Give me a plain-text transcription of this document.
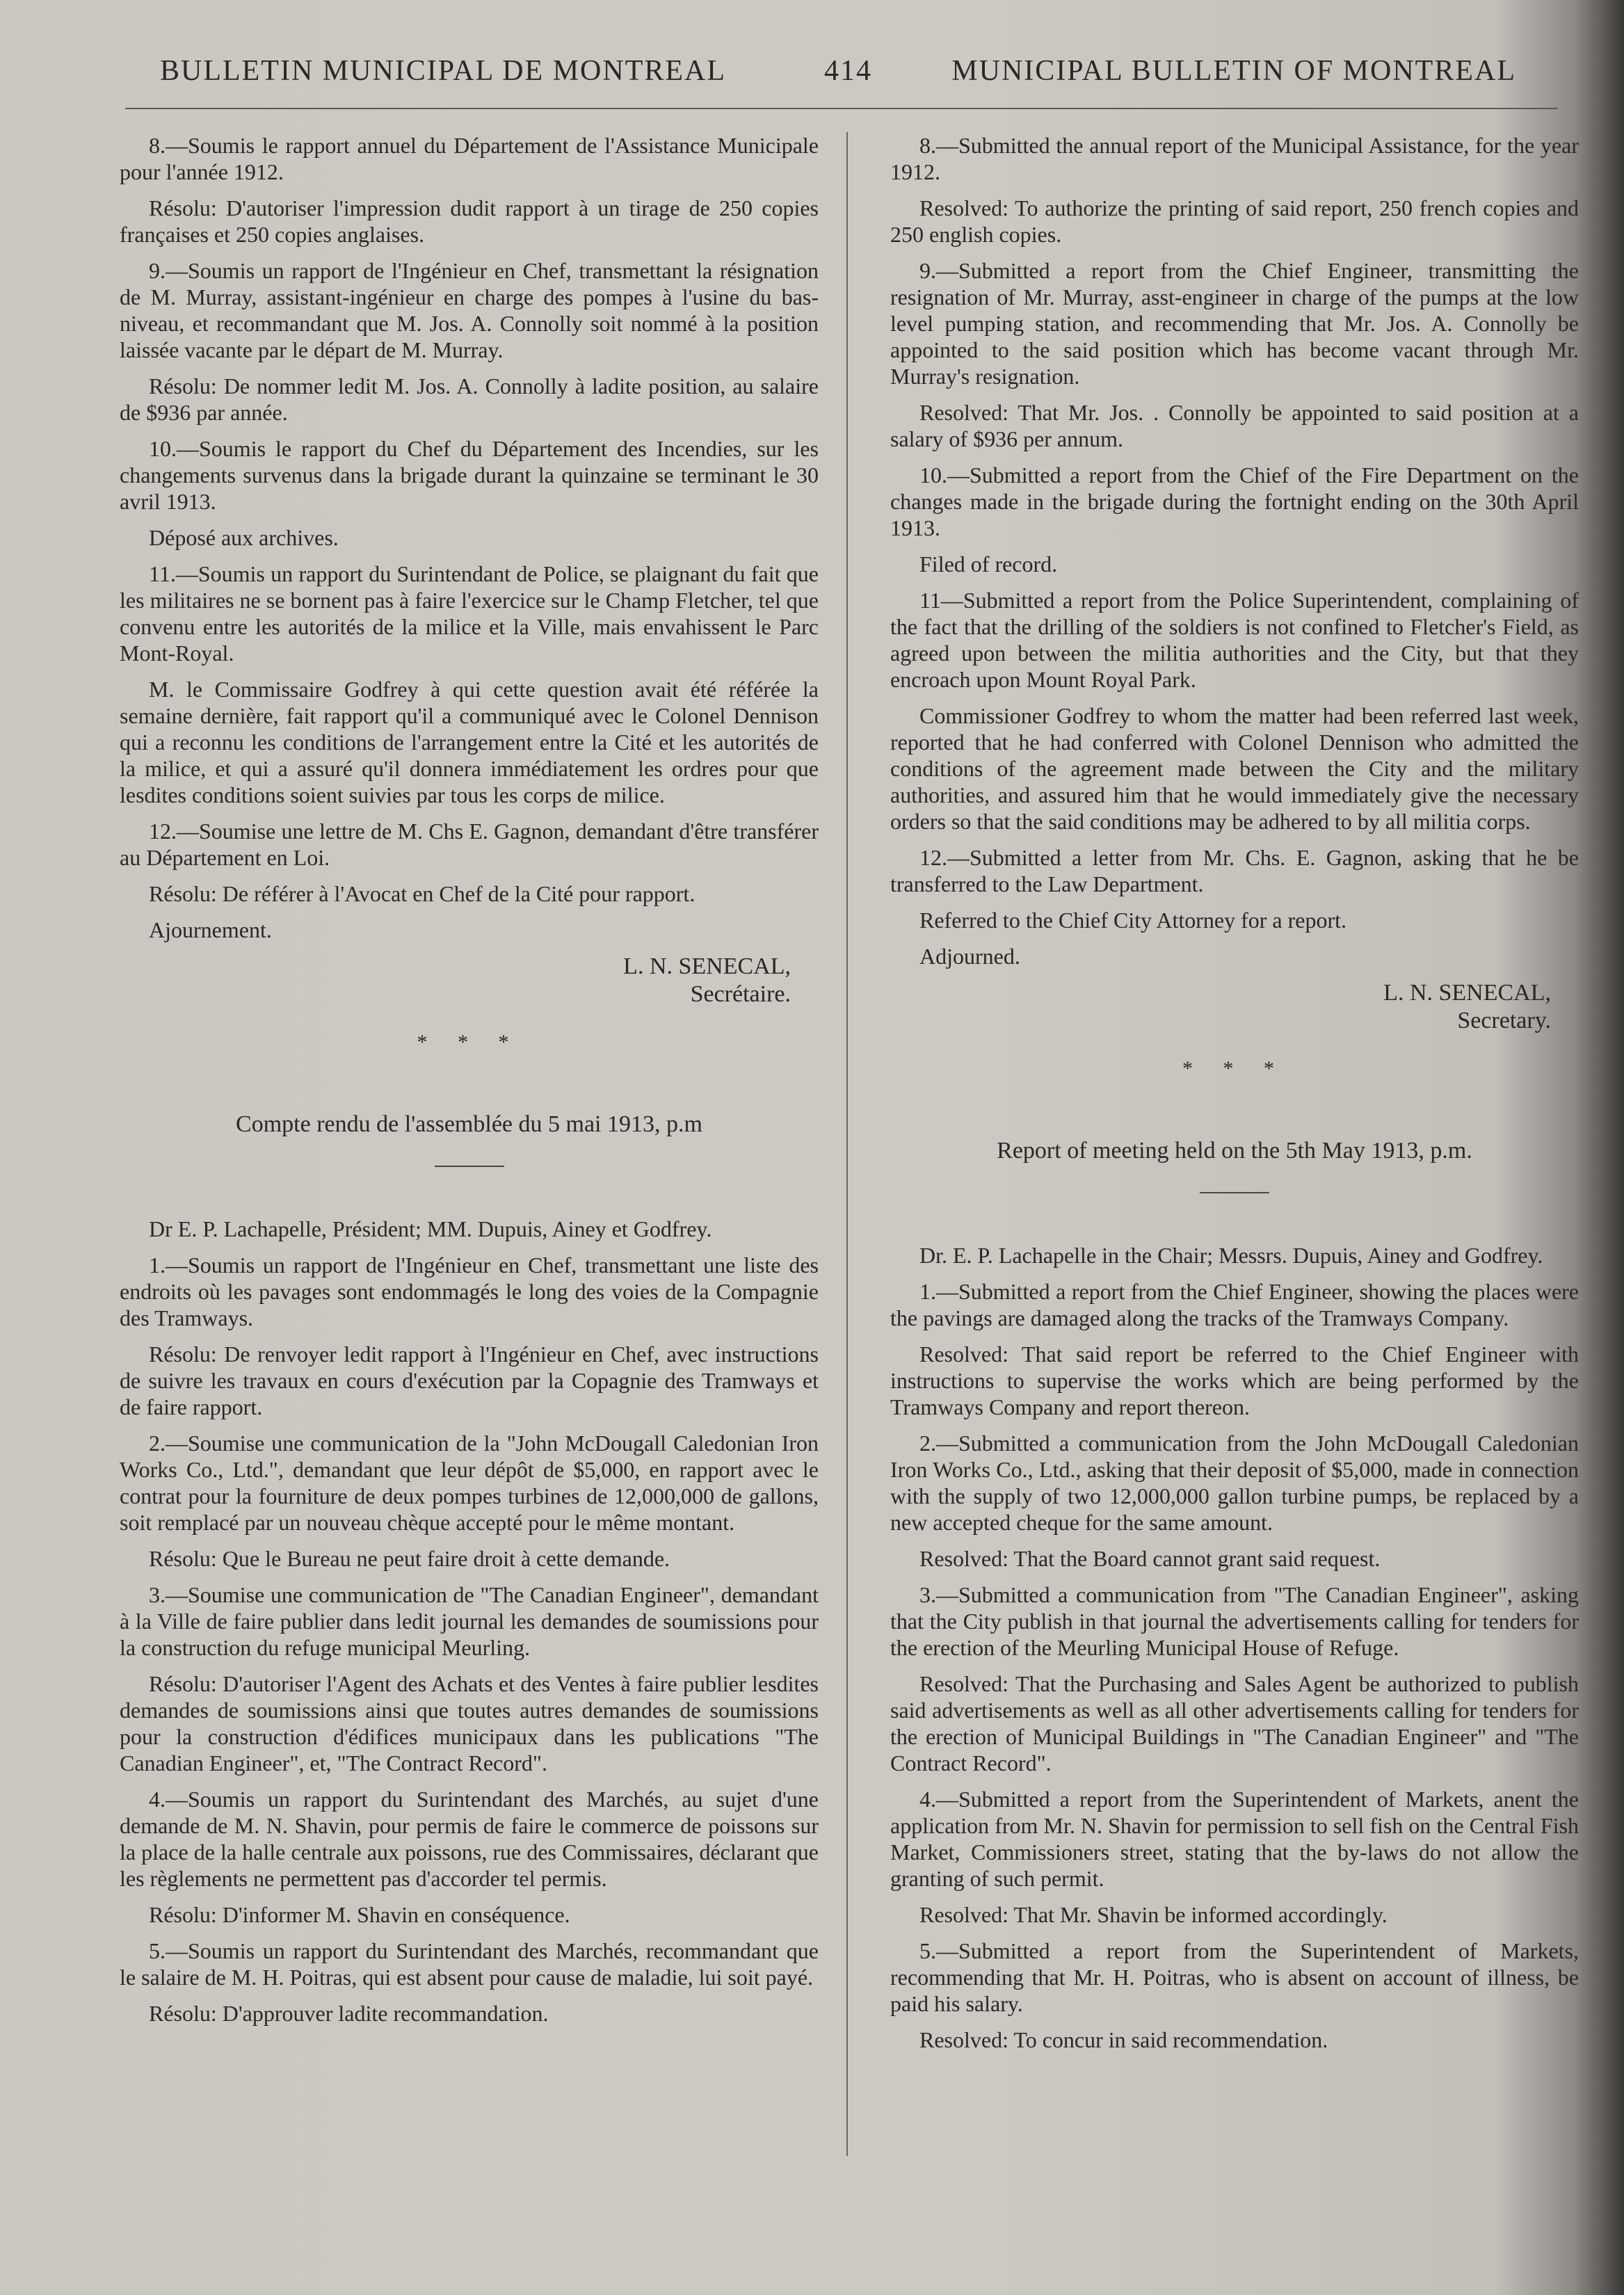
BULLETIN MUNICIPAL DE MONTREAL	414	MUNICIPAL BULLETIN OF MONTREAL

8.—Soumis le rapport annuel du Département de l'Assistance Municipale pour l'année 1912.

Résolu: D'autoriser l'impression dudit rapport à un tirage de 250 copies françaises et 250 copies anglaises.

9.—Soumis un rapport de l'Ingénieur en Chef, transmettant la résignation de M. Murray, assistant-ingénieur en charge des pompes à l'usine du bas-niveau, et recommandant que M. Jos. A. Connolly soit nommé à la position laissée vacante par le départ de M. Murray.

Résolu: De nommer ledit M. Jos. A. Connolly à ladite position, au salaire de $936 par année.

10.—Soumis le rapport du Chef du Département des Incendies, sur les changements survenus dans la brigade durant la quinzaine se terminant le 30 avril 1913.

Déposé aux archives.

11.—Soumis un rapport du Surintendant de Police, se plaignant du fait que les militaires ne se bornent pas à faire l'exercice sur le Champ Fletcher, tel que convenu entre les autorités de la milice et la Ville, mais envahissent le Parc Mont-Royal.

M. le Commissaire Godfrey à qui cette question avait été référée la semaine dernière, fait rapport qu'il a communiqué avec le Colonel Dennison qui a reconnu les conditions de l'arrangement entre la Cité et les autorités de la milice, et qui a assuré qu'il donnera immédiatement les ordres pour que lesdites conditions soient suivies par tous les corps de milice.

12.—Soumise une lettre de M. Chs E. Gagnon, demandant d'être transférer au Département en Loi.

Résolu: De référer à l'Avocat en Chef de la Cité pour rapport.

Ajournement.

L. N. SENECAL,
Secrétaire.
* * *
Compte rendu de l'assemblée du 5 mai 1913, p.m

Dr E. P. Lachapelle, Président; MM. Dupuis, Ainey et Godfrey.

1.—Soumis un rapport de l'Ingénieur en Chef, transmettant une liste des endroits où les pavages sont endommagés le long des voies de la Compagnie des Tramways.

Résolu: De renvoyer ledit rapport à l'Ingénieur en Chef, avec instructions de suivre les travaux en cours d'exécution par la Copagnie des Tramways et de faire rapport.

2.—Soumise une communication de la "John McDougall Caledonian Iron Works Co., Ltd.", demandant que leur dépôt de $5,000, en rapport avec le contrat pour la fourniture de deux pompes turbines de 12,000,000 de gallons, soit remplacé par un nouveau chèque accepté pour le même montant.

Résolu: Que le Bureau ne peut faire droit à cette demande.

3.—Soumise une communication de "The Canadian Engineer", demandant à la Ville de faire publier dans ledit journal les demandes de soumissions pour la construction du refuge municipal Meurling.

Résolu: D'autoriser l'Agent des Achats et des Ventes à faire publier lesdites demandes de soumissions ainsi que toutes autres demandes de soumissions pour la construction d'édifices municipaux dans les publications "The Canadian Engineer", et, "The Contract Record".

4.—Soumis un rapport du Surintendant des Marchés, au sujet d'une demande de M. N. Shavin, pour permis de faire le commerce de poissons sur la place de la halle centrale aux poissons, rue des Commissaires, déclarant que les règlements ne permettent pas d'accorder tel permis.

Résolu: D'informer M. Shavin en conséquence.

5.—Soumis un rapport du Surintendant des Marchés, recommandant que le salaire de M. H. Poitras, qui est absent pour cause de maladie, lui soit payé.

Résolu: D'approuver ladite recommandation.

8.—Submitted the annual report of the Municipal Assistance, for the year 1912.

Resolved: To authorize the printing of said report, 250 french copies and 250 english copies.

9.—Submitted a report from the Chief Engineer, transmitting the resignation of Mr. Murray, asst-engineer in charge of the pumps at the low level pumping station, and recommending that Mr. Jos. A. Connolly be appointed to the said position which has become vacant through Mr. Murray's resignation.

Resolved: That Mr. Jos. . Connolly be appointed to said position at a salary of $936 per annum.

10.—Submitted a report from the Chief of the Fire Department on the changes made in the brigade during the fortnight ending on the 30th April 1913.

Filed of record.

11—Submitted a report from the Police Superintendent, complaining of the fact that the drilling of the soldiers is not confined to Fletcher's Field, as agreed upon between the militia authorities and the City, but that they encroach upon Mount Royal Park.

Commissioner Godfrey to whom the matter had been referred last week, reported that he had conferred with Colonel Dennison who admitted the conditions of the agreement made between the City and the military authorities, and assured him that he would immediately give the necessary orders so that the said conditions may be adhered to by all militia corps.

12.—Submitted a letter from Mr. Chs. E. Gagnon, asking that he be transferred to the Law Department.

Referred to the Chief City Attorney for a report.

Adjourned.

L. N. SENECAL,
Secretary.
* * *
Report of meeting held on the 5th May 1913, p.m.

Dr. E. P. Lachapelle in the Chair; Messrs. Dupuis, Ainey and Godfrey.

1.—Submitted a report from the Chief Engineer, showing the places were the pavings are damaged along the tracks of the Tramways Company.

Resolved: That said report be referred to the Chief Engineer with instructions to supervise the works which are being performed by the Tramways Company and report thereon.

2.—Submitted a communication from the John McDougall Caledonian Iron Works Co., Ltd., asking that their deposit of $5,000, made in connection with the supply of two 12,000,000 gallon turbine pumps, be replaced by a new accepted cheque for the same amount.

Resolved: That the Board cannot grant said request.

3.—Submitted a communication from "The Canadian Engineer", asking that the City publish in that journal the advertisements calling for tenders for the erection of the Meurling Municipal House of Refuge.

Resolved: That the Purchasing and Sales Agent be authorized to publish said advertisements as well as all other advertisements calling for tenders for the erection of Municipal Buildings in "The Canadian Engineer" and "The Contract Record".

4.—Submitted a report from the Superintendent of Markets, anent the application from Mr. N. Shavin for permission to sell fish on the Central Fish Market, Commissioners street, stating that the by-laws do not allow the granting of such permit.

Resolved: That Mr. Shavin be informed accordingly.

5.—Submitted a report from the Superintendent of Markets, recommending that Mr. H. Poitras, who is absent on account of illness, be paid his salary.

Resolved: To concur in said recommendation.
